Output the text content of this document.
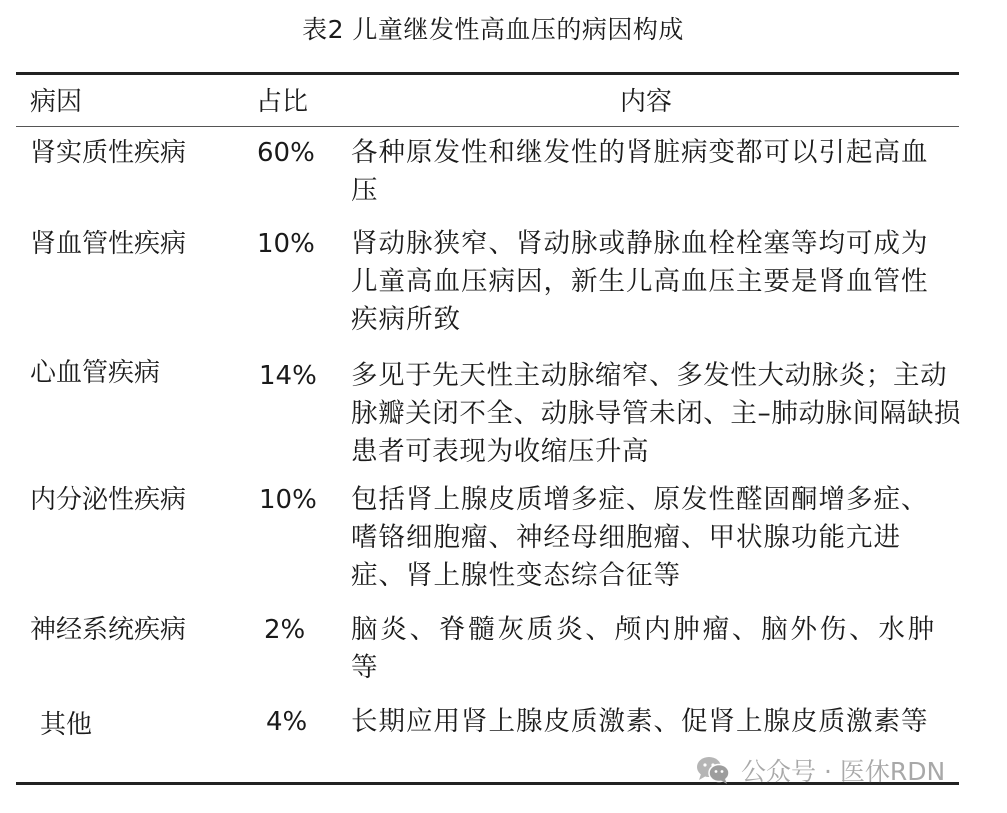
表2 儿童继发性高血压的病因构成
病因	占比	内容
肾实质性疾病	60% 各种原发性和继发性的肾脏病变都可以引起高血压
肾血管性疾病	10% 肾动脉狭窄、肾动脉或静脉血栓栓塞等均可成为儿童高血压病因，新生儿高血压主要是肾血管性疾病所致
心血管疾病	14% 多见于先天性主动脉缩窄、多发性大动脉炎；主动脉瓣关闭不全、动脉导管未闭、主–肺动脉间隔缺损患者可表现为收缩压升高
内分泌性疾病	10% 包括肾上腺皮质增多症、原发性醛固酮增多症、嗜铬细胞瘤、神经母细胞瘤、甲状腺功能亢进症、肾上腺性变态综合征等
神经系统疾病	2% 脑炎、脊髓灰质炎、颅内肿瘤、脑外伤、水肿等
其他	4% 长期应用肾上腺皮质激素、促肾上腺皮质激素等
公众号 · 医休RDN
